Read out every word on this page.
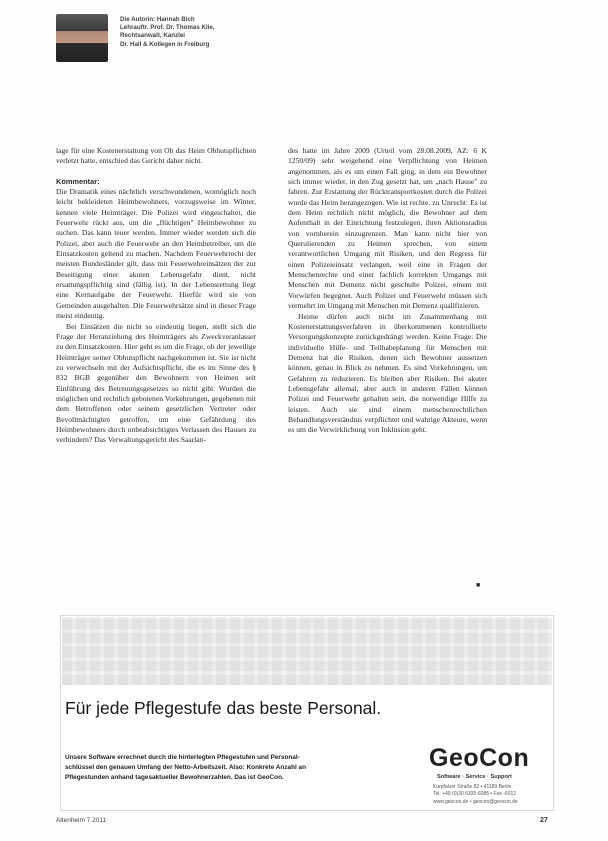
Die Autorin: Hannah Bich
Lehrauftr. Prof. Dr. Thomas Klie,
Rechtsanwalt, Kanzlei
Dr. Hall & Kollegen in Freiburg

lage für eine Kostenerstattung von Ob das Heim Obhutspflichten verletzt hatte, entschied das Gericht daher nicht.

Kommentar:

Die Dramatik eines nächtlich verschwundenen, womöglich noch leicht bekleideten Heimbewohners, vorzugsweise im Winter, kennen viele Heimträger. Die Polizei wird eingeschaltet, die Feuerwehr rückt aus, um die „flüchtigen" Heimbewohner zu suchen. Das kann teuer werden. Immer wieder werden sich die Polizei, aber auch die Feuerwehr an den Heimbetreiber, um die Einsatzkosten geltend zu machen. Nachdem Feuerwehrrecht der meisten Bundesländer gilt, dass mit Feuerwehreinsätzen der zur Beseitigung einer akuten Lebensgefahr dient, nicht ersattungspflichtig sind (fällig ist). In der Lebensrettung liegt eine Kernaufgabe der Feuerwehr. Hierfür wird sie von Gemeinden ausgehalten. Die Feuerwehrsätze sind in dieser Frage meist eindeutig.

Bei Einsätzen die nicht so eindeutig liegen, stellt sich die Frage der Heranziehung des Heimträgers als Zweckveranlasser zu den Einsatzkosten. Hier geht es um die Frage, ob der jeweilige Heimträger seiner Obhutspflicht nachgekommen ist. Sie ist nicht zu verwechseln mit der Aufsichtspflicht, die es im Sinne des § 832 BGB gegenüber den Bewohnern von Heimen seit Einführung des Betreuungsgesetzes so nicht gibt. Wurden die möglichen und rechtlich gebotenen Vorkehrungen, gegebenen mit dem Betroffenen oder seinem gesetzlichen Vertreter oder Bevollmächtigten getroffen, um eine Gefährdung des Heimbewohners durch unbeabsichtigtes Verlassen des Hauses zu verhindern? Das Verwaltungsgericht des Saarlan-

des hatte im Jahre 2009 (Urteil vom 28.08.2009, AZ: 6 K 1250/09) sehr weigehend eine Verpflichtung von Heimen angenommen, als es um einen Fall ging, in dem ein Bewohner sich immer wieder, in den Zug gesetzt hat, um „nach Hause" zu fahren. Zur Erstattung der Rücktransportkosten durch die Polizei wurde das Heim herangezogen. Wie ist rechte. zu Unrecht: Es ist dem Heim rechtlich nicht möglich, die Bewohner auf dem Aufenthalt in der Einrichtung festzulegen, ihren Aktionsradius von vornherein einzugrenzen. Man kann nicht hier von Querulierenden zu Heimen sprechen, von einem verantwortlichen Umgang mit Risiken, und den Regress für einen Polizeieinsatz verlangen, weil eine in Fragen der Menschenrechte und einer fachlich korrekten Umgangs mit Menschen mit Demenz nicht geschulte Polizei, einem mit Vorwürfen begegnet. Auch Polizei und Feuerwehr müssen sich vermehrt im Umgang mit Menschen mit Demenz qualifizieren.

Heime dürfen auch nicht im Zusammenhang mit Kostenerstattungsverfahren in überkommenen kontrollierte Versorgungskonzepte zurückgedrängt werden. Keine Frage: Die individuelle Hilfe- und Teilhabeplanung für Menschen mit Demenz hat die Risiken, denen sich Bewohner aussetzen können, genau in Blick zu nehmen. Es sind Vorkehrungen, um Gefahren zu reduzieren. Es bleiben aber Risiken. Bei akuter Lebensgefahr allemal, aber auch in anderen Fällen können Polizei und Feuerwehr gehalten sein, die notwendige Hilfe zu leisten. Auch sie sind einem menschenrechtlichen Behandlungsverständnis verpflichtet und wahrige Akteure, wenn es um die Verwirklichung von Inklusion geht.

■
Für jede Pflegestufe das beste Personal.
Unsere Software errechnet durch die hinterlegten Pflegestufen und Personal-
schlüssel den genauen Umfang der Netto-Arbeitszeit. Also: Konkrete Anzahl an
Pflegestunden anhand tagesaktueller Bewohnerzahlen. Das ist GeoCon.
GeoCon
Software · Service · Support
Kurpfalzer Straße 82 • 41189 Berlin
Tel. +49 (0)30 6335-6085 • Fax -6012
www.geocon.de • geocon@geocon.de
Altenheim 7 2011	27
